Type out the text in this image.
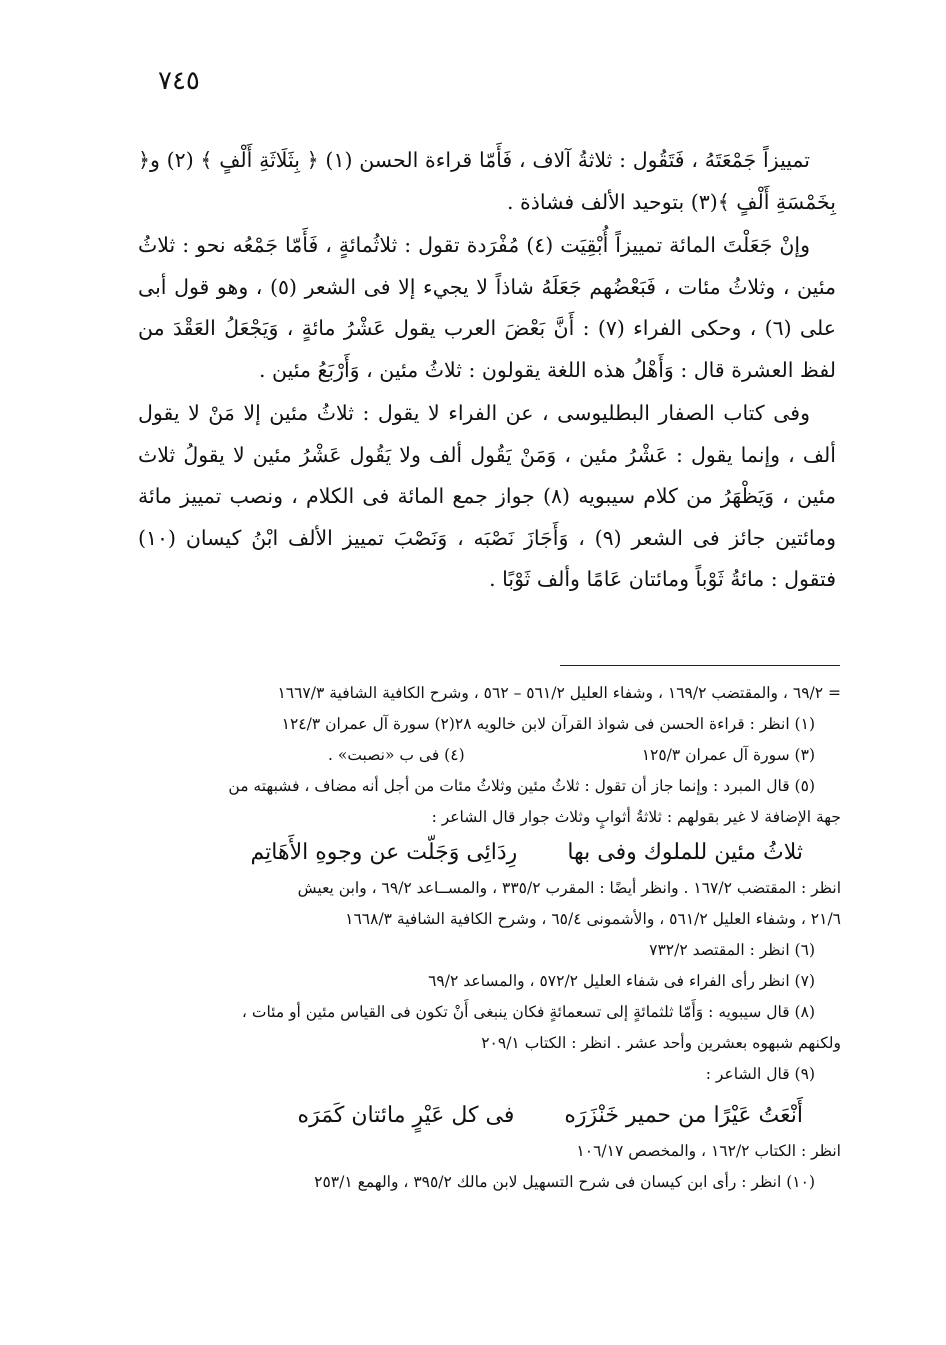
٧٤٥

تمييزاً جَمْعَتَهُ ، فَتَقُول : ثلاثةُ آلاف ، فَأَمّا قراءة الحسن (١) ﴿ بِثَلَاثَةِ أَلْفٍ ﴾ (٢) و﴿ بِخَمْسَةِ أَلْفٍ ﴾(٣) بتوحيد الألف فشاذة .

وإنْ جَعَلْتَ المائة تمييزاً أُبْقِيَت (٤) مُفْرَدة تقول : ثلاثُمائةٍ ، فَأَمّا جَمْعُه نحو : ثلاثُ مئين ، وثلاثُ مئات ، فَبَعْضُهم جَعَلَهُ شاذاً لا يجيء إلا فى الشعر (٥) ، وهو قول أبى على (٦) ، وحكى الفراء (٧) : أَنَّ بَعْضَ العرب يقول عَشْرُ مائةٍ ، وَيَجْعَلُ العَقْدَ من لفظ العشرة قال : وَأَهْلُ هذه اللغة يقولون : ثلاثُ مئين ، وَأَرْبَعُ مئين .

وفى كتاب الصفار البطليوسى ، عن الفراء لا يقول : ثلاثُ مئين إلا مَنْ لا يقول ألف ، وإنما يقول : عَشْرُ مئين ، وَمَنْ يَقُول ألف ولا يَقُول عَشْرُ مئين لا يقولُ ثلاث مئين ، وَيَظْهَرُ من كلام سيبويه (٨) جواز جمع المائة فى الكلام ، ونصب تمييز مائة ومائتين جائز فى الشعر (٩) ، وَأَجَازَ نَصْبَه ، وَنَصْبَ تمييز الألف ابْنُ كيسان (١٠) فتقول : مائةُ ثَوْباً ومائتان عَامًا وألف ثَوْبًا .

= ٦٩/٢ ، والمقتضب ١٦٩/٢ ، وشفاء العليل ٥٦١/٢ – ٥٦٢ ، وشرح الكافية الشافية ١٦٦٧/٣
(١) انظر : قراءة الحسن فى شواذ القرآن لابن خالويه ٢٨
(٢) سورة آل عمران ١٢٤/٣
(٣) سورة آل عمران ١٢٥/٣
(٤) فى ب «نصبت» .
(٥) قال المبرد : وإنما جاز أن تقول : ثلاثُ مئين وثلاثُ مئات من أجل أنه مضاف ، فشبهته من
جهة الإضافة لا غير بقولهم : ثلاثةُ أثوابٍ وثلاث جوار قال الشاعر :
ثلاثُ مئين للملوك وفى بها
رِدَائِى وَجَلّت عن وجوهِ الأَهَاتِم
انظر : المقتضب ١٦٧/٢ . وانظر أيضًا : المقرب ٣٣٥/٢ ، والمســاعد ٦٩/٢ ، وابن يعيش
٢١/٦ ، وشفاء العليل ٥٦١/٢ ، والأشمونى ٦٥/٤ ، وشرح الكافية الشافية ١٦٦٨/٣
(٦) انظر : المقتصد ٧٣٢/٢
(٧) انظر رأى الفراء فى شفاء العليل ٥٧٢/٢ ، والمساعد ٦٩/٢
(٨) قال سيبويه : وَأَمّا ثلثمائةٍ إلى تسعمائةٍ فكان ينبغى أَنْ تكون فى القياس مئين أو مئات ،
ولكنهم شبهوه بعشرين وأحد عشر . انظر : الكتاب ٢٠٩/١
(٩) قال الشاعر :
أَنْعَتُ عَيْرًا من حمير خَنْزَرَه
فى كل عَيْرٍ مائتان كَمَرَه
انظر : الكتاب ١٦٢/٢ ، والمخصص ١٠٦/١٧
(١٠) انظر : رأى ابن كيسان فى شرح التسهيل لابن مالك ٣٩٥/٢ ، والهمع ٢٥٣/١
